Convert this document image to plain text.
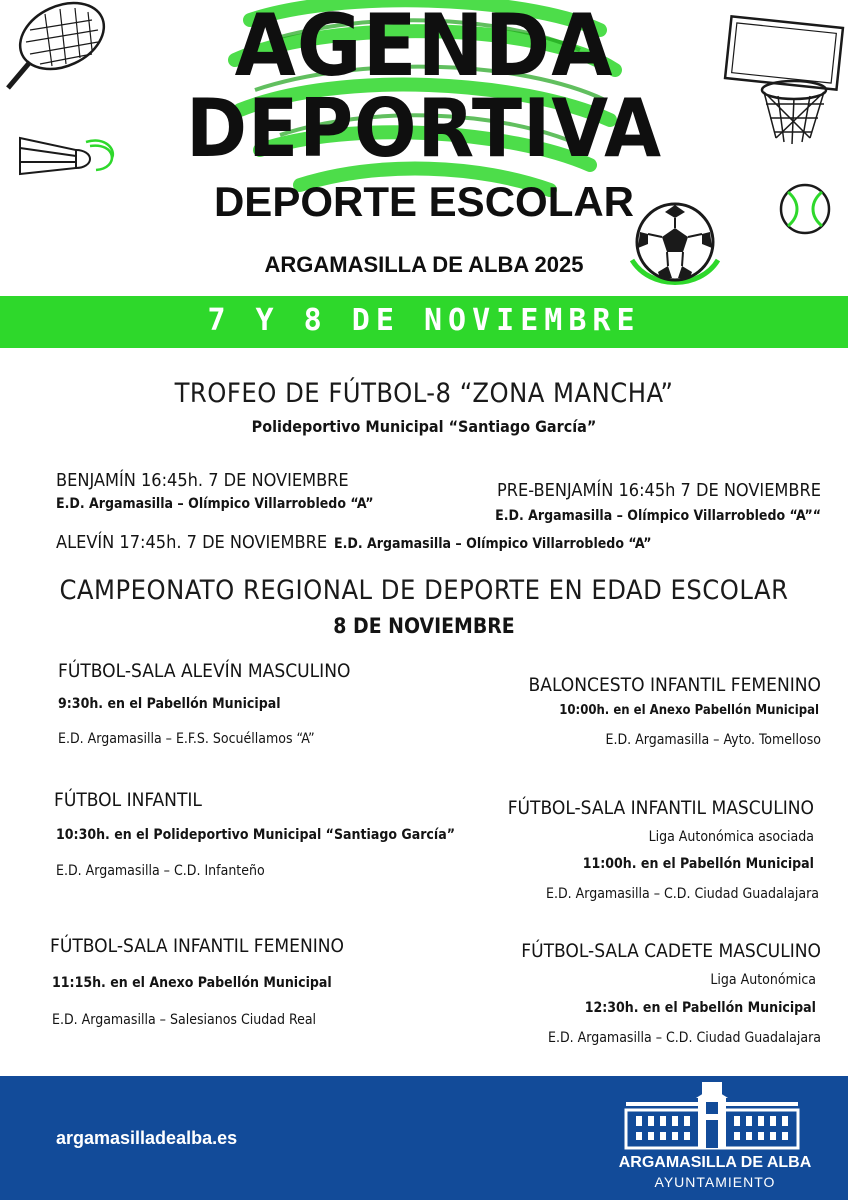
AGENDA
DEPORTIVA
DEPORTE ESCOLAR
ARGAMASILLA DE ALBA 2025
7 Y 8 DE NOVIEMBRE
TROFEO DE FÚTBOL-8 “ZONA MANCHA”
Polideportivo Municipal “Santiago García”
BENJAMÍN 16:45h. 7 DE NOVIEMBRE
E.D. Argamasilla – Olímpico Villarrobledo “A”
PRE-BENJAMÍN 16:45h 7 DE NOVIEMBRE
E.D. Argamasilla – Olímpico Villarrobledo “A”“
ALEVÍN 17:45h. 7 DE NOVIEMBRE E.D. Argamasilla – Olímpico Villarrobledo “A”
CAMPEONATO REGIONAL DE DEPORTE EN EDAD ESCOLAR
8 DE NOVIEMBRE
FÚTBOL-SALA ALEVÍN MASCULINO
9:30h. en el Pabellón Municipal
E.D. Argamasilla – E.F.S. Socuéllamos “A”
FÚTBOL INFANTIL
10:30h. en el Polideportivo Municipal “Santiago García”
E.D. Argamasilla – C.D. Infanteño
FÚTBOL-SALA INFANTIL FEMENINO
11:15h. en el Anexo Pabellón Municipal
E.D. Argamasilla – Salesianos Ciudad Real
BALONCESTO INFANTIL FEMENINO
10:00h. en el Anexo Pabellón Municipal
E.D. Argamasilla – Ayto. Tomelloso
FÚTBOL-SALA INFANTIL MASCULINO
Liga Autonómica asociada
11:00h. en el Pabellón Municipal
E.D. Argamasilla – C.D. Ciudad Guadalajara
FÚTBOL-SALA CADETE MASCULINO
Liga Autonómica
12:30h. en el Pabellón Municipal
E.D. Argamasilla – C.D. Ciudad Guadalajara
argamasilladealba.es
ARGAMASILLA DE ALBA
AYUNTAMIENTO
